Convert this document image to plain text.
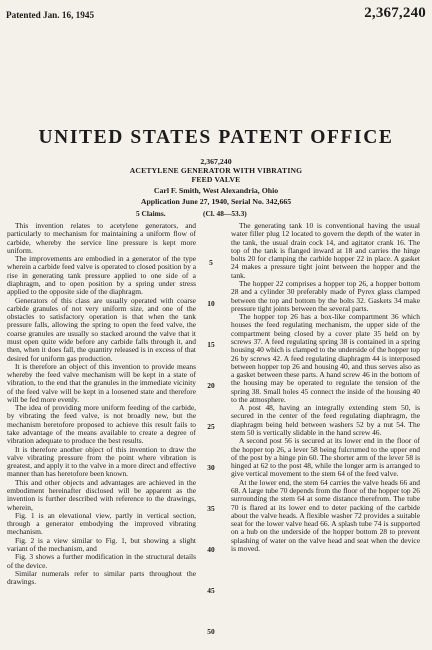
Patented Jan. 16, 1945	2,367,240
UNITED STATES PATENT OFFICE
2,367,240
ACETYLENE GENERATOR WITH VIBRATING
FEED VALVE
Carl F. Smith, West Alexandria, Ohio
Application June 27, 1940, Serial No. 342,665
5 Claims.	(Cl. 48—53.3)

This invention relates to acetylene generators, and particularly to mechanism for maintaining a uniform flow of carbide, whereby the service line pressure is kept more uniform.

The improvements are embodied in a generator of the type wherein a carbide feed valve is operated to closed position by a rise in generating tank pressure applied to one side of a diaphragm, and to open position by a spring under stress applied to the opposite side of the diaphragm.

Generators of this class are usually operated with coarse carbide granules of not very uniform size, and one of the obstacles to satisfactory operation is that when the tank pressure falls, allowing the spring to open the feed valve, the coarse granules are usually so stacked around the valve that it must open quite wide before any carbide falls through it, and then, when it does fall, the quantity released is in excess of that desired for uniform gas production.

It is therefore an object of this invention to provide means whereby the feed valve mechanism will be kept in a state of vibration, to the end that the granules in the immediate vicinity of the feed valve will be kept in a loosened state and therefore will be fed more evenly.

The idea of providing more uniform feeding of the carbide, by vibrating the feed valve, is not broadly new, but the mechanism heretofore proposed to achieve this result fails to take advantage of the means available to create a degree of vibration adequate to produce the best results.

It is therefore another object of this invention to draw the valve vibrating pressure from the point where vibration is greatest, and apply it to the valve in a more direct and effective manner than has heretofore been known.

This and other objects and advantages are achieved in the embodiment hereinafter disclosed will be apparent as the invention is further described with reference to the drawings, wherein,

Fig. 1 is an elevational view, partly in vertical section, through a generator embodying the improved vibrating mechanism.

Fig. 2 is a view similar to Fig. 1, but showing a slight variant of the mechanism, and

Fig. 3 shows a further modification in the structural details of the device.

Similar numerals refer to similar parts throughout the drawings.

The generating tank 10 is conventional having the usual water filler plug 12 located to govern the depth of the water in the tank, the usual drain cock 14, and agitator crank 16. The top of the tank is flanged inward at 18 and carries the hinge bolts 20 for clamping the carbide hopper 22 in place. A gasket 24 makes a pressure tight joint between the hopper and the tank.

The hopper 22 comprises a hopper top 26, a hopper bottom 28 and a cylinder 30 preferably made of Pyrex glass clamped between the top and bottom by the bolts 32. Gaskets 34 make pressure tight joints between the several parts.

The hopper top 26 has a box-like compartment 36 which houses the feed regulating mechanism, the upper side of the compartment being closed by a cover plate 35 held on by screws 37. A feed regulating spring 38 is contained in a spring housing 40 which is clamped to the underside of the hopper top 26 by screws 42. A feed regulating diaphragm 44 is interposed between hopper top 26 and housing 40, and thus serves also as a gasket between these parts. A hand screw 46 in the bottom of the housing may be operated to regulate the tension of the spring 38. Small holes 45 connect the inside of the housing 40 to the atmosphere.

A post 48, having an integrally extending stem 50, is secured in the center of the feed regulating diaphragm, the diaphragm being held between washers 52 by a nut 54. The stem 50 is vertically slidable in the hand screw 46.

A second post 56 is secured at its lower end in the floor of the hopper top 26, a lever 58 being fulcrumed to the upper end of the post by a hinge pin 60. The shorter arm of the lever 58 is hinged at 62 to the post 48, while the longer arm is arranged to give vertical movement to the stem 64 of the feed valve.

At the lower end, the stem 64 carries the valve heads 66 and 68. A large tube 70 depends from the floor of the hopper top 26 surrounding the stem 64 at some distance therefrom. The tube 70 is flared at its lower end to deter packing of the carbide about the valve heads. A flexible washer 72 provides a suitable seat for the lower valve head 66. A splash tube 74 is supported on a hub on the underside of the hopper bottom 28 to prevent splashing of water on the valve head and seat when the device is moved.

5
10
15
20
25
30
35
40
45
50
